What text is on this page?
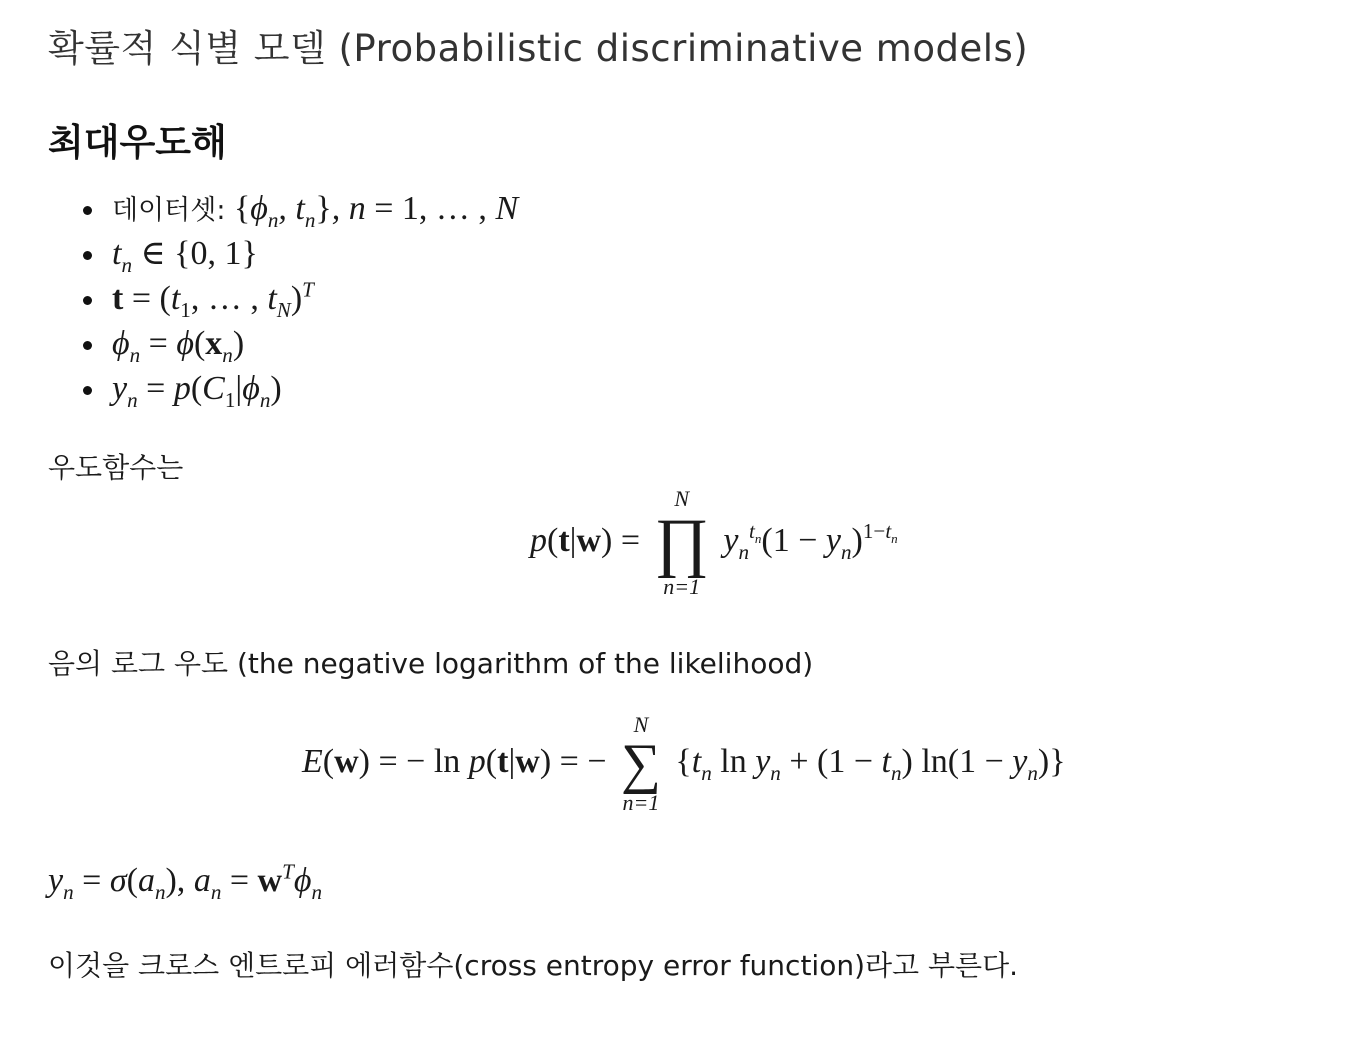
확률적 식별 모델 (Probabilistic discriminative models)
최대우도해
데이터셋: {$\phi_n$, $t_n$}, n = 1, … , N
$t_n$ ∈ {0, 1}
$t = (t_1$, … , $t_N)^T$
$\phi_n = \phi(x_n)$
$y_n = p(C_1|\phi_n)$
우도함수는
p(t|w) =
N
∏
n=1
$y_n^{t_n}(1 - y_n)^{1-t_n}$
음의 로그 우도 (the negative logarithm of the likelihood)
E(w) = − ln p(t|w) = −
N
∑
n=1
{$t_n$ $\ln y_n + (1 - t_n) \ln(1 - y_n)$}
$y_n = \sigma(a_n)$, $a_n = w^T\phi_n$
이것을 크로스 엔트로피 에러함수(cross entropy error function)라고 부른다.
